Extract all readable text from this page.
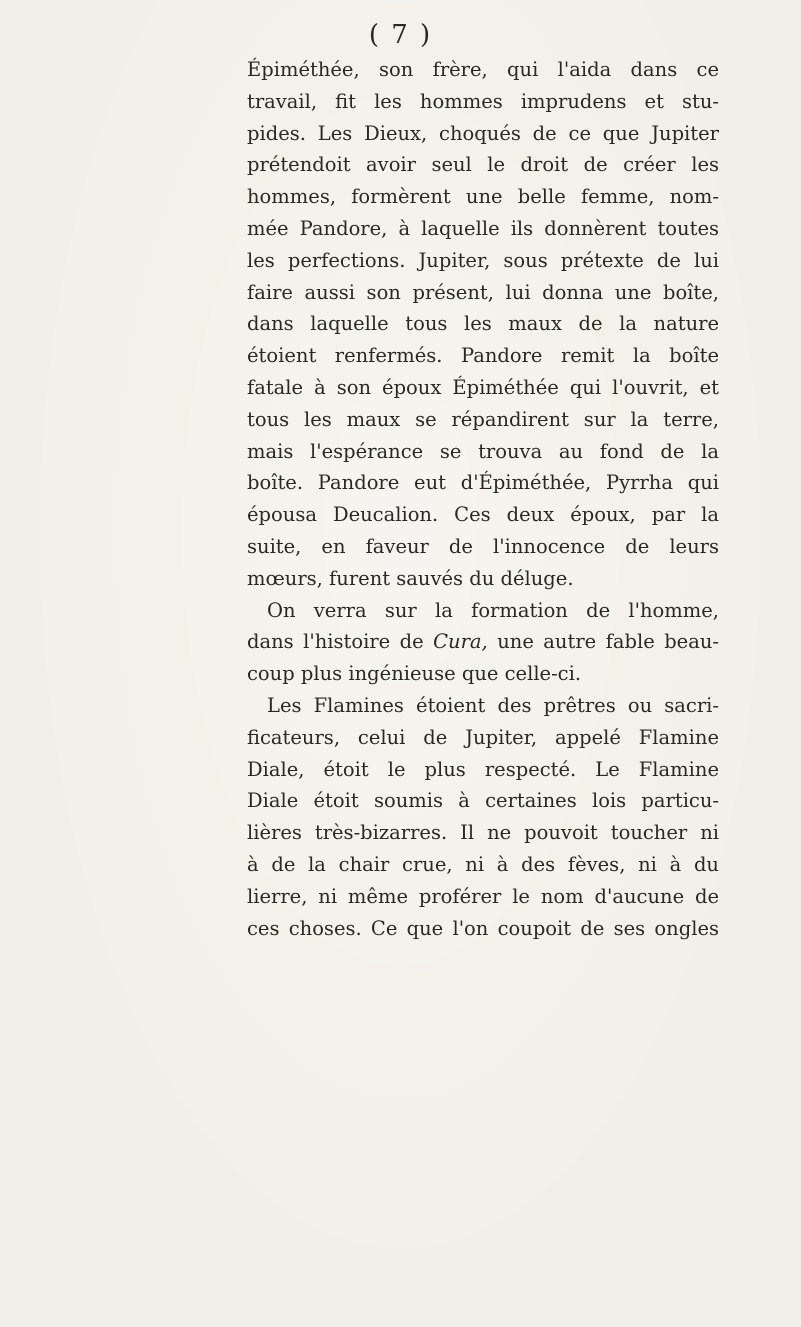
( 7 )
Épiméthée, son frère, qui l'aida dans ce
travail, fit les hommes imprudens et stu-
pides. Les Dieux, choqués de ce que Jupiter
prétendoit avoir seul le droit de créer les
hommes, formèrent une belle femme, nom-
mée Pandore, à laquelle ils donnèrent toutes
les perfections. Jupiter, sous prétexte de lui
faire aussi son présent, lui donna une boîte,
dans laquelle tous les maux de la nature
étoient renfermés. Pandore remit la boîte
fatale à son époux Épiméthée qui l'ouvrit, et
tous les maux se répandirent sur la terre,
mais l'espérance se trouva au fond de la
boîte. Pandore eut d'Épiméthée, Pyrrha qui
épousa Deucalion. Ces deux époux, par la
suite, en faveur de l'innocence de leurs
mœurs, furent sauvés du déluge.
On verra sur la formation de l'homme,
dans l'histoire de Cura, une autre fable beau-
coup plus ingénieuse que celle-ci.
Les Flamines étoient des prêtres ou sacri-
ficateurs, celui de Jupiter, appelé Flamine
Diale, étoit le plus respecté. Le Flamine
Diale étoit soumis à certaines lois particu-
lières très-bizarres. Il ne pouvoit toucher ni
à de la chair crue, ni à des fèves, ni à du
lierre, ni même proférer le nom d'aucune de
ces choses. Ce que l'on coupoit de ses ongles
